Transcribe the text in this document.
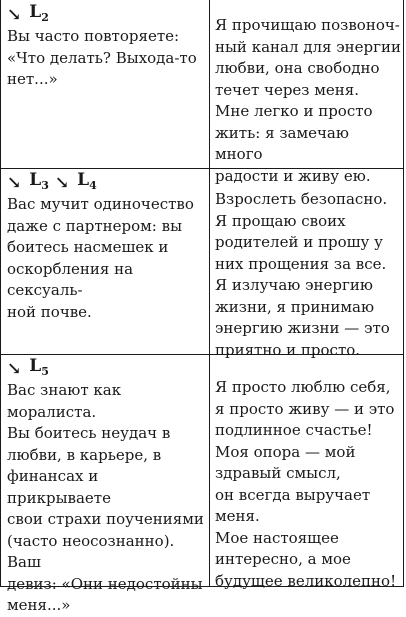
↘ $L_2$

Вы часто повторяете:
«Что делать? Выхода-то
нет...»

Я прочищаю позвоноч-
ный канал для энергии
любви, она свободно
течет через меня.
Мне легко и просто
жить: я замечаю много
радости и живу ею.

↘ $L_3$ ↘ $L_4$

Вас мучит одиночество
даже с партнером: вы
боитесь насмешек и
оскорбления на сексуаль-
ной почве.

Взрослеть безопасно.
Я прощаю своих
родителей и прошу у
них прощения за все.
Я излучаю энергию
жизни, я принимаю
энергию жизни — это
приятно и просто.

↘ $L_5$

Вас знают как моралиста.
Вы боитесь неудач в
любви, в карьере, в
финансах и прикрываете
свои страхи поучениями
(часто неосознанно). Ваш
девиз: «Они недостойны
меня...»

Я просто люблю себя,
я просто живу — и это
подлинное счастье!
Моя опора — мой
здравый смысл,
он всегда выручает
меня.
Мое настоящее
интересно, а мое
будущее великолепно!
